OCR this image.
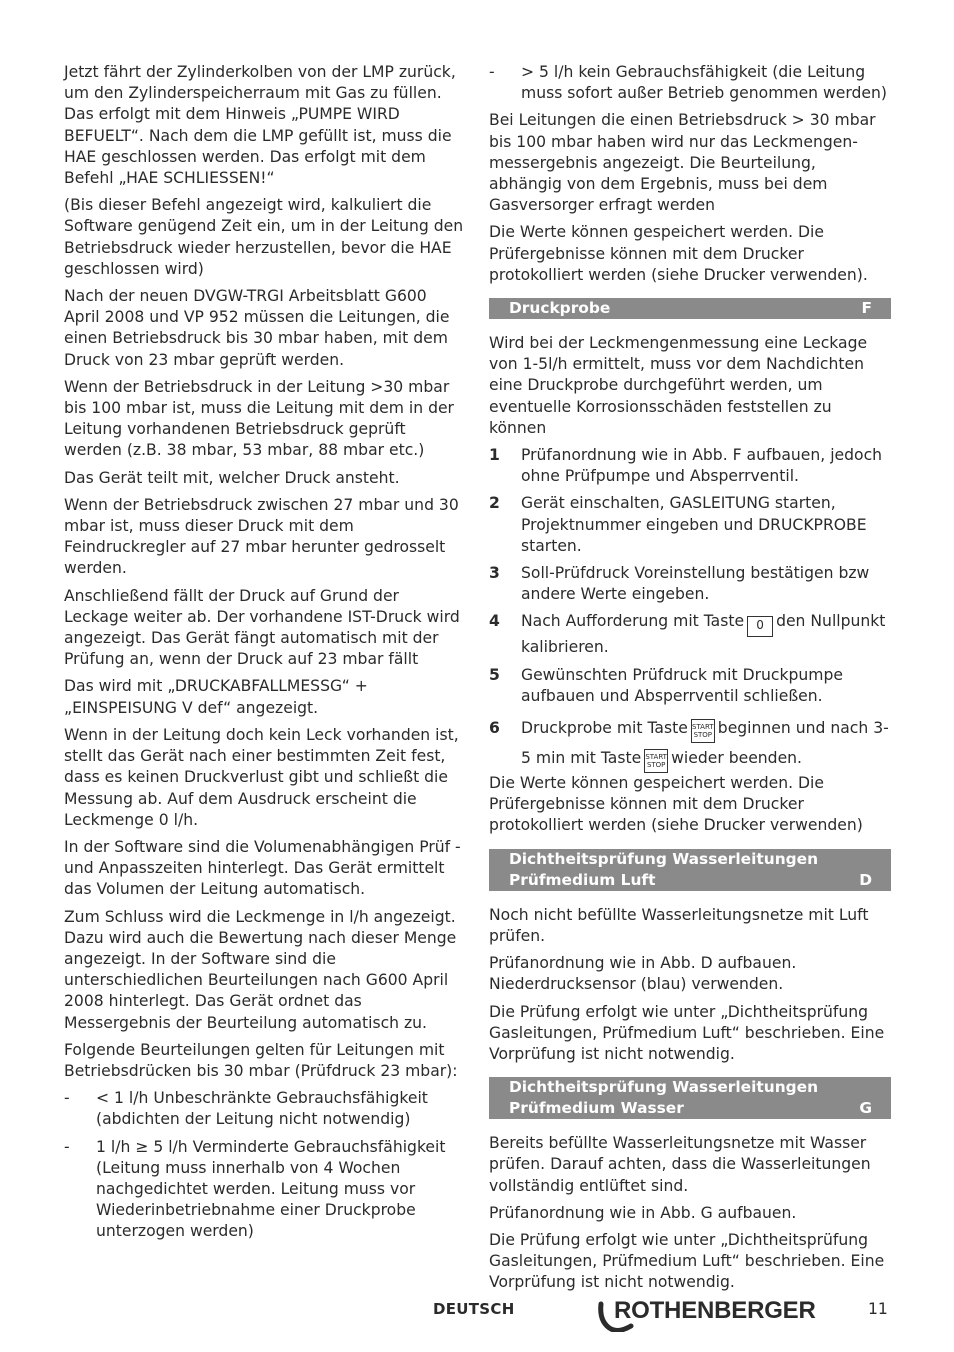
Jetzt fährt der Zylinderkolben von der LMP zurück, um den Zylinderspeicherraum mit Gas zu füllen. Das erfolgt mit dem Hinweis „PUMPE WIRD BEFUELT“. Nach dem die LMP gefüllt ist, muss die HAE geschlossen werden. Das erfolgt mit dem Befehl „HAE SCHLIESSEN!“

(Bis dieser Befehl angezeigt wird, kalkuliert die Software genügend Zeit ein, um in der Leitung den Betriebsdruck wieder herzustellen, bevor die HAE geschlossen wird)

Nach der neuen DVGW-TRGI Arbeitsblatt G600 April 2008 und VP 952 müssen die Leitungen, die einen Betriebsdruck bis 30 mbar haben, mit dem Druck von 23 mbar geprüft werden.

Wenn der Betriebsdruck in der Leitung >30 mbar bis 100 mbar ist, muss die Leitung mit dem in der Leitung vorhandenen Betriebsdruck geprüft werden (z.B. 38 mbar, 53 mbar, 88 mbar etc.)

Das Gerät teilt mit, welcher Druck ansteht.

Wenn der Betriebsdruck zwischen 27 mbar und 30 mbar ist, muss dieser Druck mit dem Feindruckregler auf 27 mbar herunter gedrosselt werden.

Anschließend fällt der Druck auf Grund der Leckage weiter ab. Der vorhandene IST-Druck wird angezeigt. Das Gerät fängt automatisch mit der Prüfung an, wenn der Druck auf 23 mbar fällt

Das wird mit „DRUCKABFALLMESSG“ + „EINSPEISUNG V def“ angezeigt.

Wenn in der Leitung doch kein Leck vorhanden ist, stellt das Gerät nach einer bestimmten Zeit fest, dass es keinen Druckverlust gibt und schließt die Messung ab. Auf dem Ausdruck erscheint die Leckmenge 0 l/h.

In der Software sind die Volumenabhängigen Prüf - und Anpasszeiten hinterlegt. Das Gerät ermittelt das Volumen der Leitung automatisch.

Zum Schluss wird die Leckmenge in l/h angezeigt. Dazu wird auch die Bewertung nach dieser Menge angezeigt. In der Software sind die unterschiedlichen Beurteilungen nach G600 April 2008 hinterlegt. Das Gerät ordnet das Messergebnis der Beurteilung automatisch zu.

Folgende Beurteilungen gelten für Leitungen mit Betriebsdrücken bis 30 mbar (Prüfdruck 23 mbar):

-	< 1 l/h Unbeschränkte Gebrauchsfähigkeit (abdichten der Leitung nicht notwendig)
-	1 l/h ≥ 5 l/h Verminderte Gebrauchsfähigkeit (Leitung muss innerhalb von 4 Wochen nachgedichtet werden. Leitung muss vor Wiederinbetriebnahme einer Druckprobe unterzogen werden)
-	> 5 l/h kein Gebrauchsfähigkeit (die Leitung muss sofort außer Betrieb genommen werden)

Bei Leitungen die einen Betriebsdruck > 30 mbar bis 100 mbar haben wird nur das Leckmengen- messergebnis angezeigt. Die Beurteilung, abhängig von dem Ergebnis, muss bei dem Gasversorger erfragt werden

Die Werte können gespeichert werden. Die Prüfergebnisse können mit dem Drucker protokolliert werden (siehe Drucker verwenden).

Druckprobe	F

Wird bei der Leckmengenmessung eine Leckage von 1-5l/h ermittelt, muss vor dem Nachdichten eine Druckprobe durchgeführt werden, um eventuelle Korrosionsschäden feststellen zu können

1	Prüfanordnung wie in Abb. F aufbauen, jedoch ohne Prüfpumpe und Absperrventil.
2	Gerät einschalten, GASLEITUNG starten, Projektnummer eingeben und DRUCKPROBE starten.
3	Soll-Prüfdruck Voreinstellung bestätigen bzw andere Werte eingeben.
4	Nach Aufforderung mit Taste 0 den Nullpunkt kalibrieren.
5	Gewünschten Prüfdruck mit Druckpumpe aufbauen und Absperrventil schließen.
6	Druckprobe mit Taste START
STOP beginnen und nach 3-5 min mit Taste START
STOP wieder beenden.

Die Werte können gespeichert werden. Die Prüfergebnisse können mit dem Drucker protokolliert werden (siehe Drucker verwenden)

Dichtheitsprüfung Wasserleitungen
Prüfmedium Luft	D

Noch nicht befüllte Wasserleitungsnetze mit Luft prüfen.

Prüfanordnung wie in Abb. D aufbauen. Niederdrucksensor (blau) verwenden.

Die Prüfung erfolgt wie unter „Dichtheitsprüfung Gasleitungen, Prüfmedium Luft“ beschrieben. Eine Vorprüfung ist nicht notwendig.

Dichtheitsprüfung Wasserleitungen
Prüfmedium Wasser	G

Bereits befüllte Wasserleitungsnetze mit Wasser prüfen. Darauf achten, dass die Wasserleitungen vollständig entlüftet sind.

Prüfanordnung wie in Abb. G aufbauen.

Die Prüfung erfolgt wie unter „Dichtheitsprüfung Gasleitungen, Prüfmedium Luft“ beschrieben. Eine Vorprüfung ist nicht notwendig.

DEUTSCH	ROTHENBERGER	11
